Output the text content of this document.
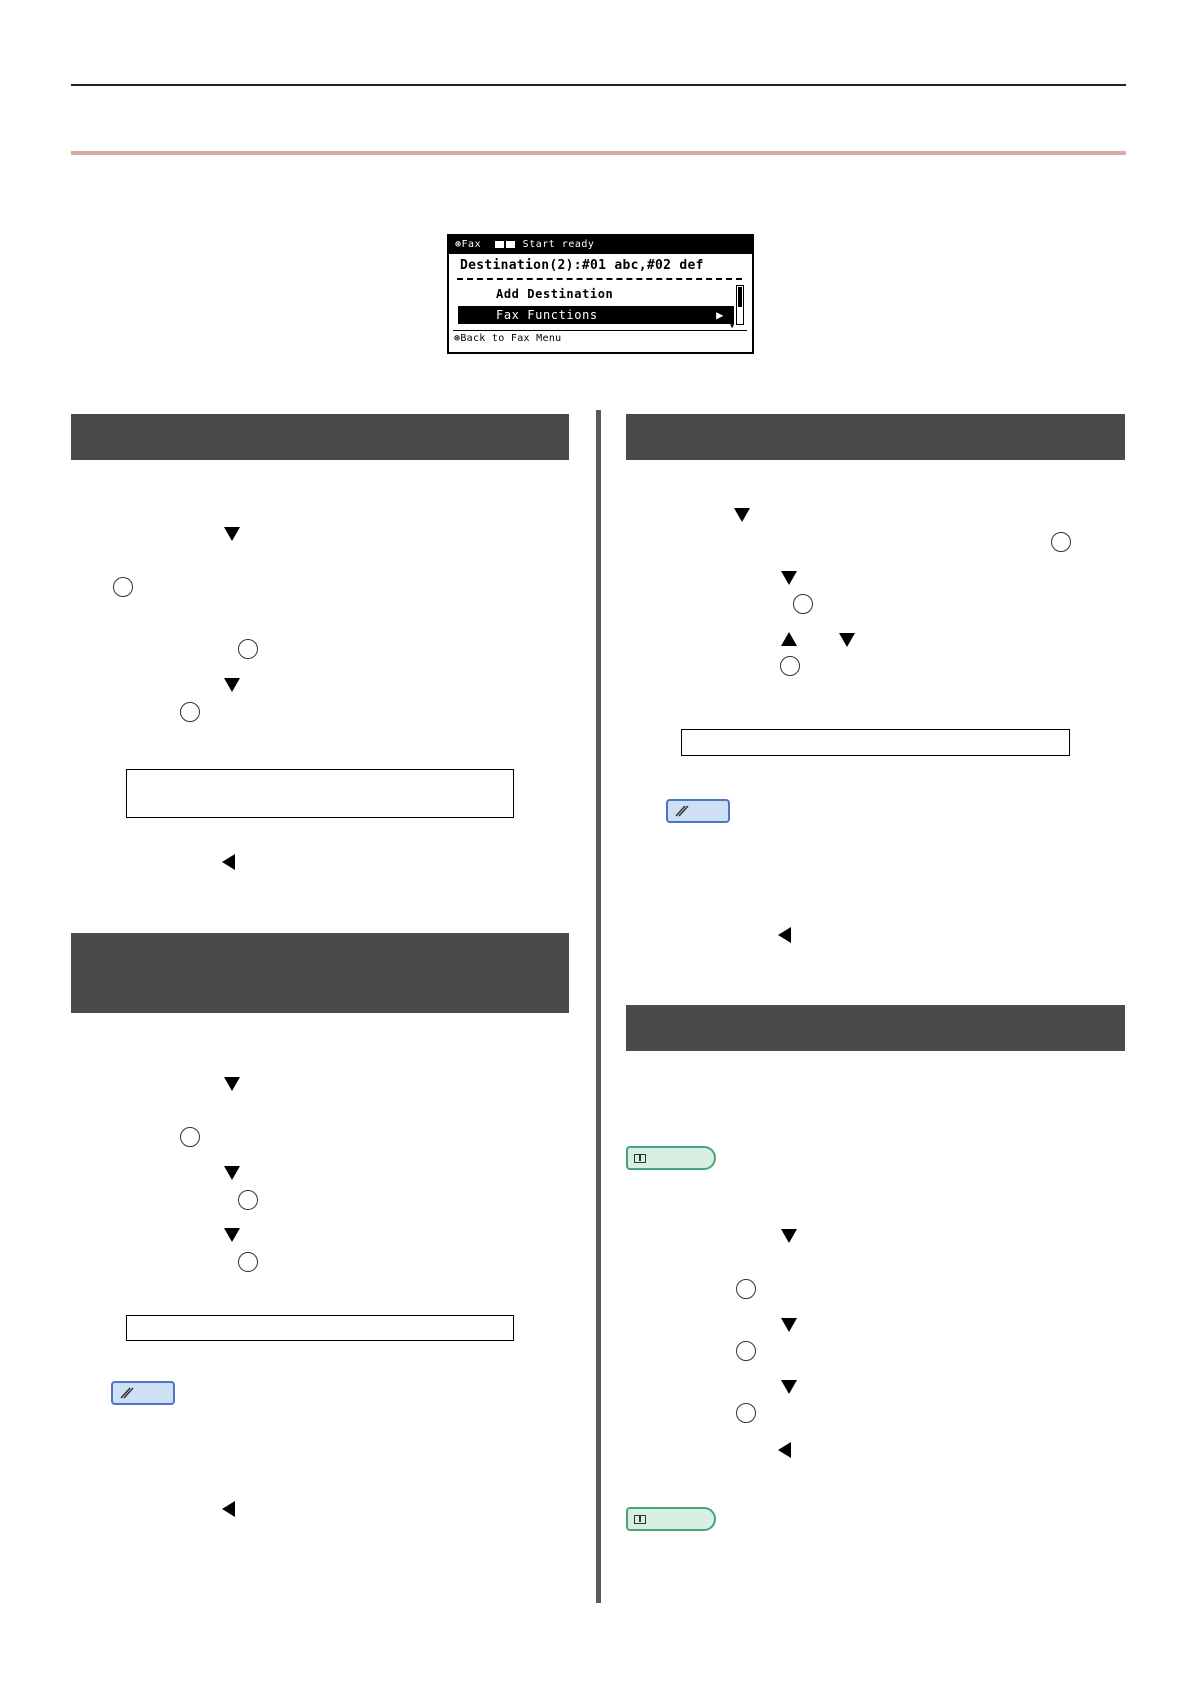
⊛Fax	Start ready
Destination(2):#01 abc,#02 def
Add Destination
Fax Functions	▶
▼
⊛Back to Fax Menu
